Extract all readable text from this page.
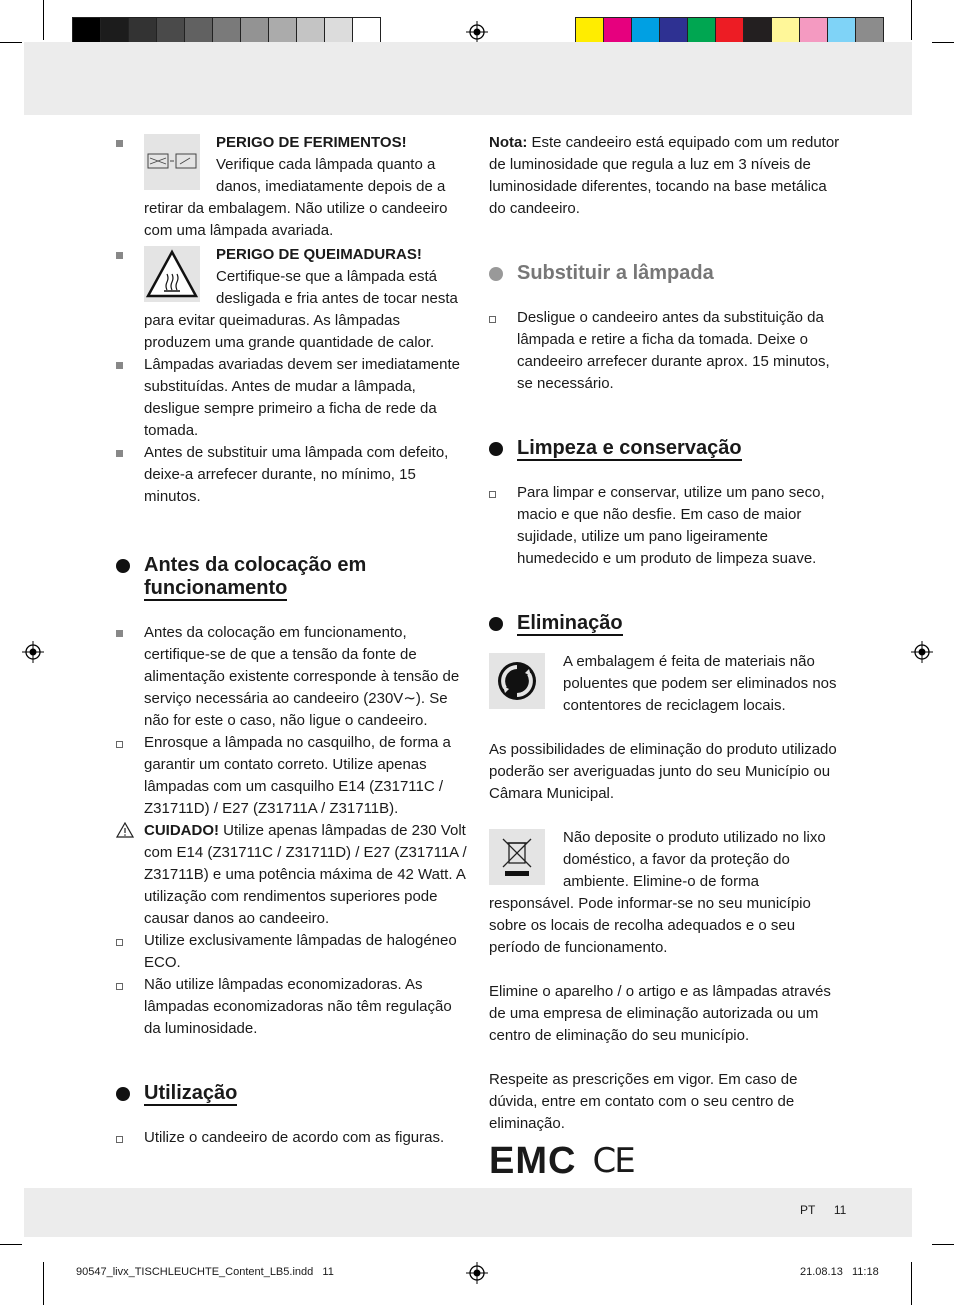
PERIGO DE FERIMENTOS!
Verifique cada lâmpada quanto a danos, imediatamente depois de a retirar da embalagem. Não utilize o candeeiro com uma lâmpada avariada.
PERIGO DE QUEIMADURAS!
Certifique-se que a lâmpada está desligada e fria antes de tocar nesta para evitar queimaduras. As lâmpadas produzem uma grande quantidade de calor.
Lâmpadas avariadas devem ser imediatamente substituídas. Antes de mudar a lâmpada, desligue sempre primeiro a ficha de rede da tomada.
Antes de substituir uma lâmpada com defeito, deixe-a arrefecer durante, no mínimo, 15 minutos.
Antes da colocação em
funcionamento
Antes da colocação em funcionamento, certifique-se de que a tensão da fonte de alimentação existente corresponde à tensão de serviço necessária ao candeeiro (230V∼). Se não for este o caso, não ligue o candeeiro.
Enrosque a lâmpada no casquilho, de forma a garantir um contato correto. Utilize apenas lâmpadas com um casquilho E14 (Z31711C / Z31711D) / E27 (Z31711A / Z31711B).
CUIDADO! Utilize apenas lâmpadas de 230 Volt com E14 (Z31711C / Z31711D) / E27 (Z31711A / Z31711B) e uma potência máxima de 42 Watt. A utilização com rendimentos superiores pode causar danos ao candeeiro.
Utilize exclusivamente lâmpadas de halogéneo ECO.
Não utilize lâmpadas economizadoras. As lâmpadas economizadoras não têm regulação da luminosidade.
Utilização
Utilize o candeeiro de acordo com as figuras.
Nota: Este candeeiro está equipado com um redutor de luminosidade que regula a luz em 3 níveis de luminosidade diferentes, tocando na base metálica do candeeiro.
Substituir a lâmpada
Desligue o candeeiro antes da substituição da lâmpada e retire a ficha da tomada. Deixe o candeeiro arrefecer durante aprox. 15 minutos, se necessário.
Limpeza e conservação
Para limpar e conservar, utilize um pano seco, macio e que não desfie. Em caso de maior sujidade, utilize um pano ligeiramente humedecido e um produto de limpeza suave.
Eliminação
A embalagem é feita de materiais não poluentes que podem ser eliminados nos contentores de reciclagem locais.
As possibilidades de eliminação do produto utilizado poderão ser averiguadas junto do seu Município ou Câmara Municipal.
Não deposite o produto utilizado no lixo doméstico, a favor da proteção do ambiente. Elimine-o de forma responsável. Pode informar-se no seu município sobre os locais de recolha adequados e o seu período de funcionamento.
Elimine o aparelho / o artigo e as lâmpadas através de uma empresa de eliminação autorizada ou um centro de eliminação do seu município.
Respeite as prescrições em vigor. Em caso de dúvida, entre em contato com o seu centro de eliminação.
EMC CE
PT 11
90547_livx_TISCHLEUCHTE_Content_LB5.indd   11	21.08.13   11:18
